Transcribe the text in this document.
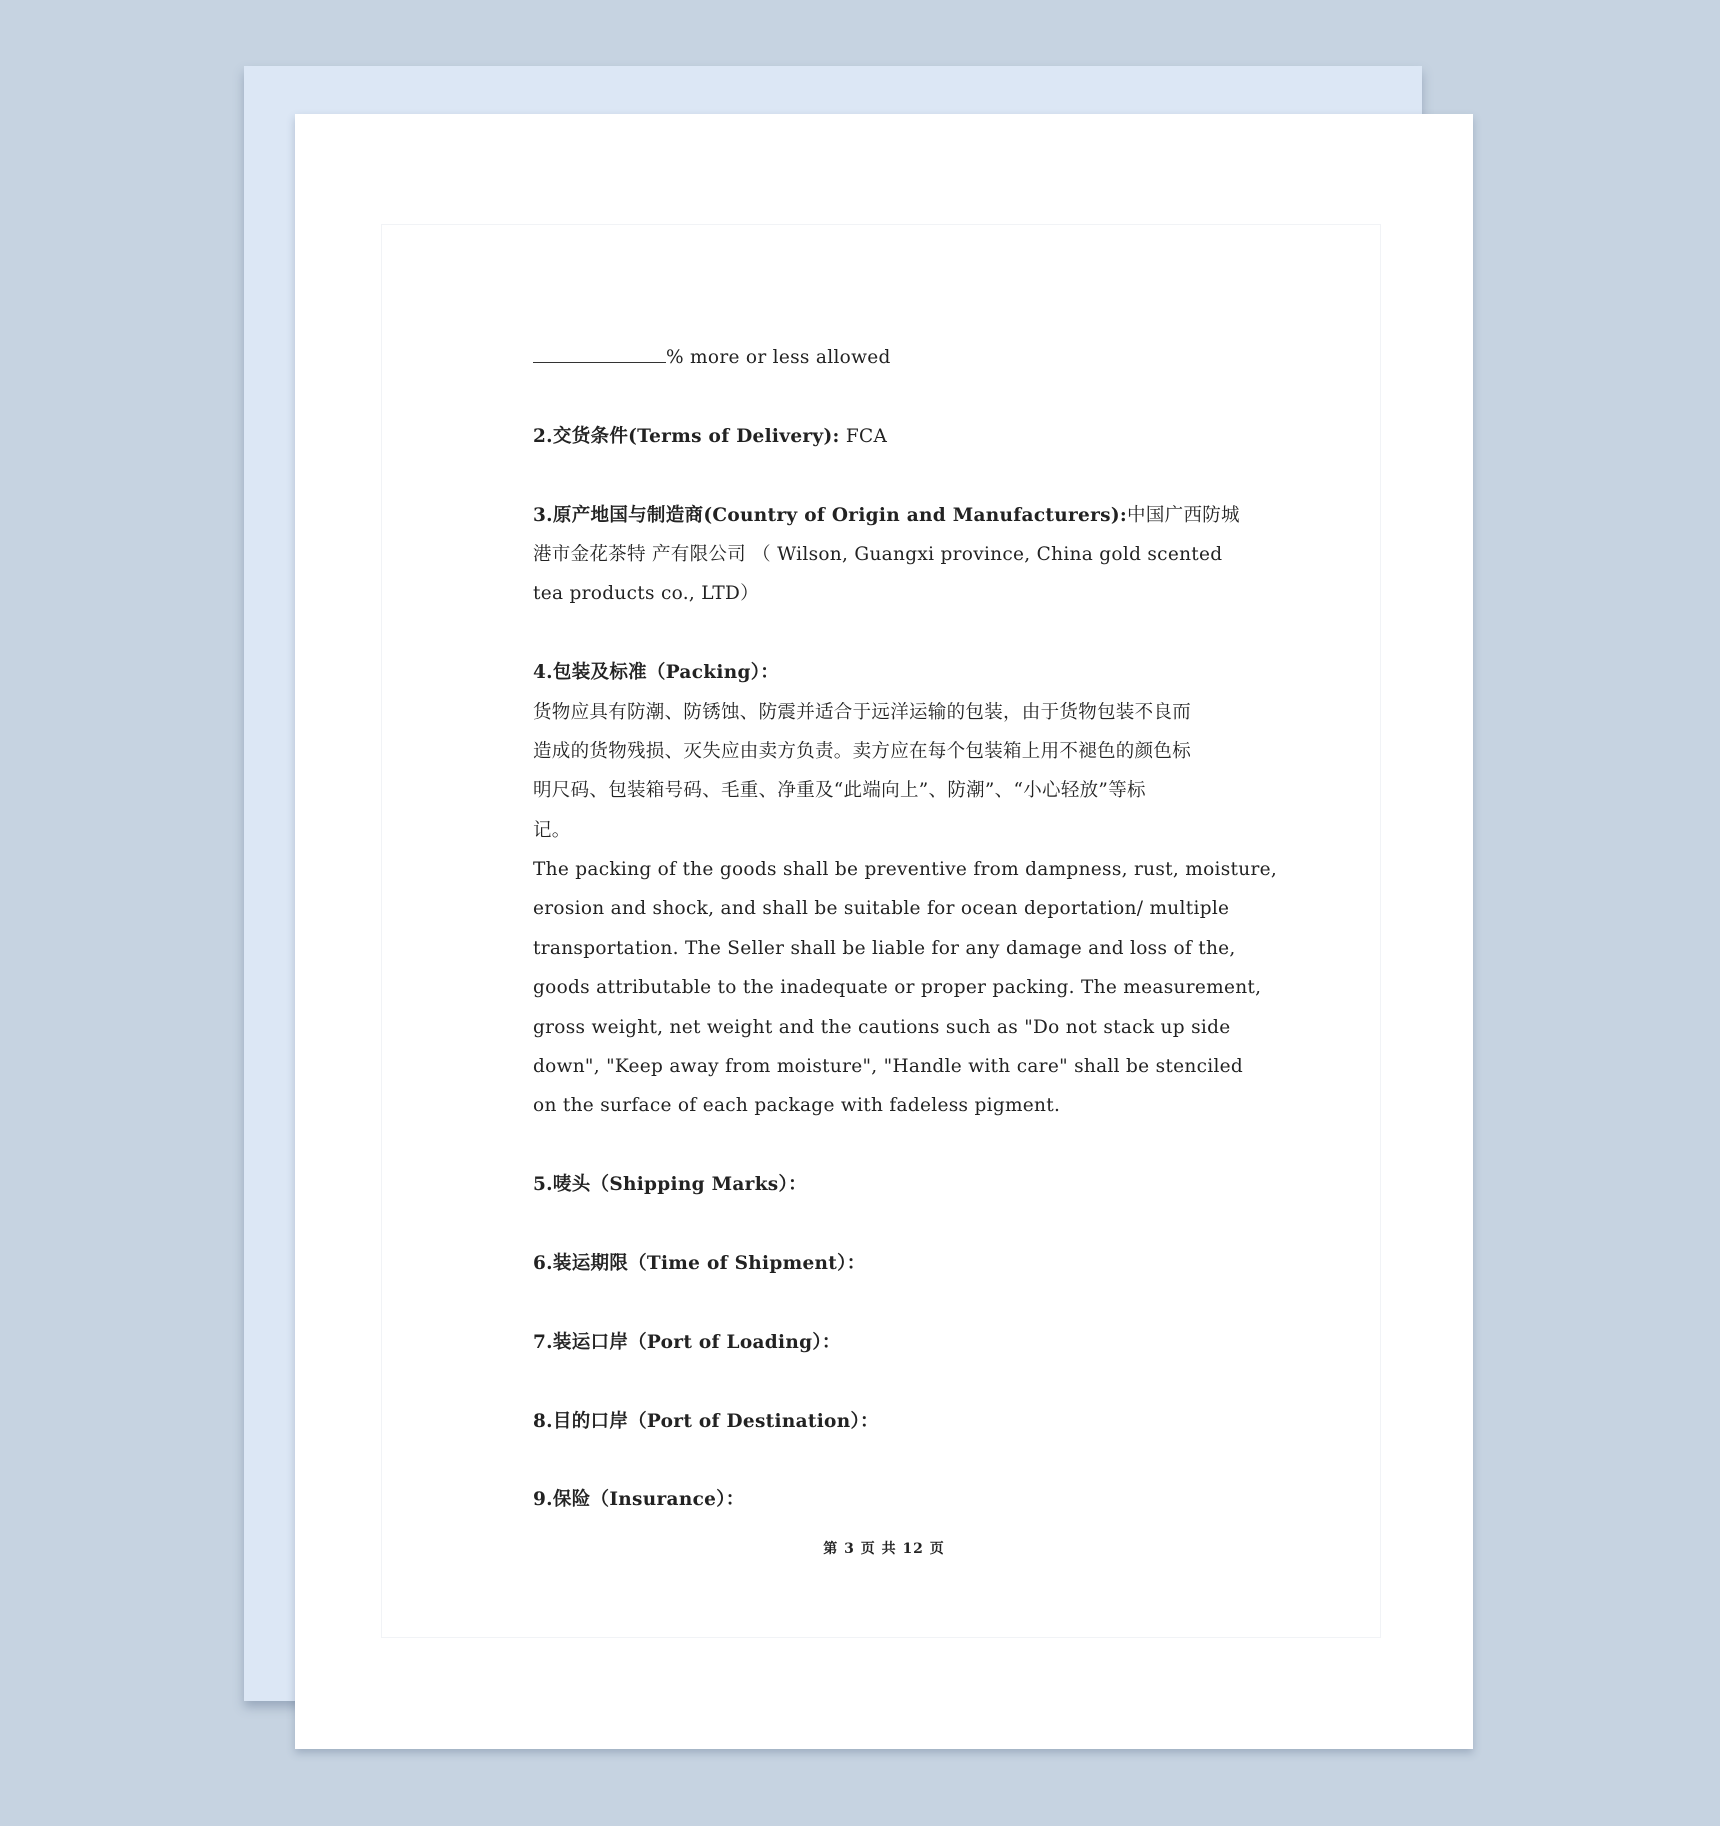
% more or less allowed
2.交货条件(Terms of Delivery): FCA
3.原产地国与制造商(Country of Origin and Manufacturers):中国广西防城
港市金花茶特 产有限公司 （ Wilson, Guangxi province, China gold scented
tea products co., LTD）
4.包装及标准（Packing）：
货物应具有防潮、防锈蚀、防震并适合于远洋运输的包装，由于货物包装不良而
造成的货物残损、灭失应由卖方负责。卖方应在每个包装箱上用不褪色的颜色标
明尺码、包装箱号码、毛重、净重及“此端向上”、防潮”、“小心轻放”等标
记。
The packing of the goods shall be preventive from dampness, rust, moisture,
erosion and shock, and shall be suitable for ocean deportation/ multiple
transportation. The Seller shall be liable for any damage and loss of the,
goods attributable to the inadequate or proper packing. The measurement,
gross weight, net weight and the cautions such as "Do not stack up side
down", "Keep away from moisture", "Handle with care" shall be stenciled
on the surface of each package with fadeless pigment.
5.唛头（Shipping Marks）：
6.装运期限（Time of Shipment）：
7.装运口岸（Port of Loading）：
8.目的口岸（Port of Destination）：
9.保险（Insurance）：
第 3 页 共 12 页
